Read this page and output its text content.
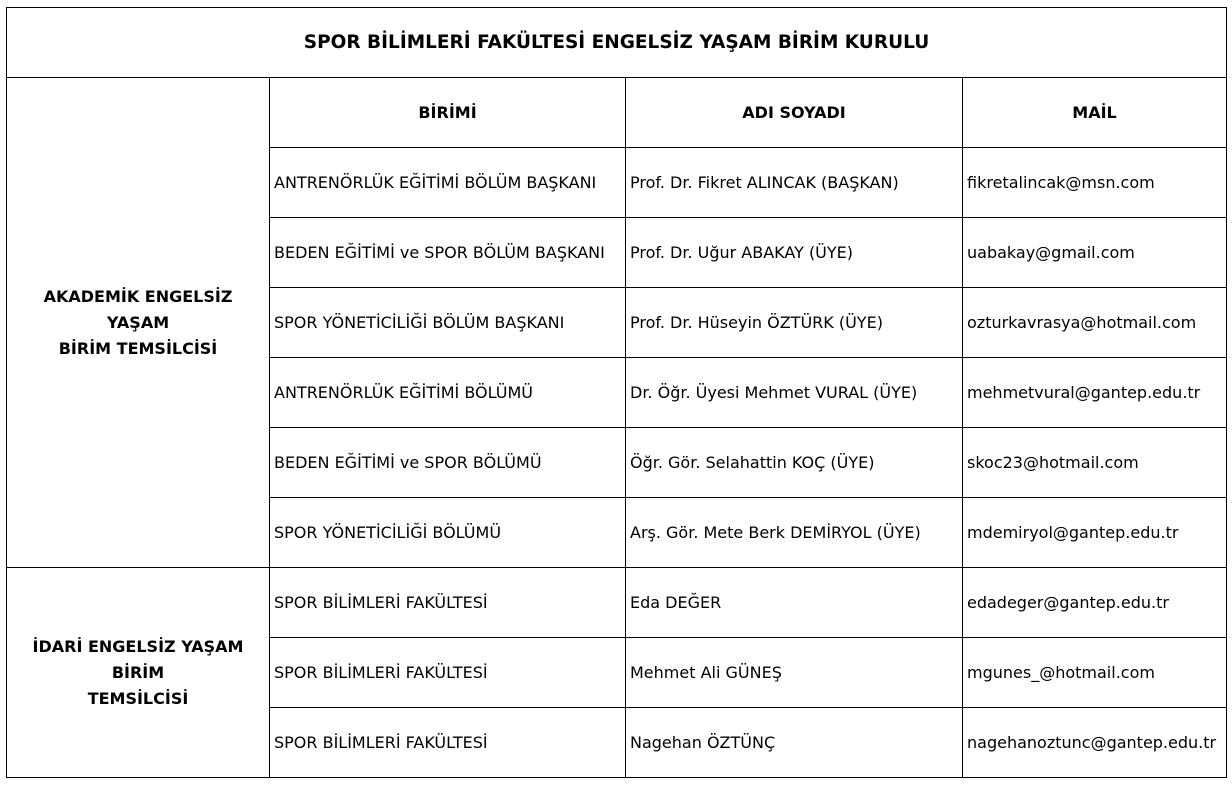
SPOR BİLİMLERİ FAKÜLTESİ ENGELSİZ YAŞAM BİRİM KURULU			
AKADEMİK ENGELSİZ YAŞAM
BİRİM TEMSİLCİSİ	BİRİMİ	ADI SOYADI	MAİL
	ANTRENÖRLÜK EĞİTİMİ BÖLÜM BAŞKANI	Prof. Dr. Fikret ALINCAK (BAŞKAN)	fikretalincak@msn.com
	BEDEN EĞİTİMİ ve SPOR BÖLÜM BAŞKANI	Prof. Dr. Uğur ABAKAY (ÜYE)	uabakay@gmail.com
	SPOR YÖNETİCİLİĞİ BÖLÜM BAŞKANI	Prof. Dr. Hüseyin ÖZTÜRK (ÜYE)	ozturkavrasya@hotmail.com
	ANTRENÖRLÜK EĞİTİMİ BÖLÜMÜ	Dr. Öğr. Üyesi Mehmet VURAL (ÜYE)	mehmetvural@gantep.edu.tr
	BEDEN EĞİTİMİ ve SPOR BÖLÜMÜ	Öğr. Gör. Selahattin KOÇ (ÜYE)	skoc23@hotmail.com
	SPOR YÖNETİCİLİĞİ BÖLÜMÜ	Arş. Gör. Mete Berk DEMİRYOL (ÜYE)	mdemiryol@gantep.edu.tr
İDARİ ENGELSİZ YAŞAM BİRİM
TEMSİLCİSİ	SPOR BİLİMLERİ FAKÜLTESİ	Eda DEĞER	edadeger@gantep.edu.tr
	SPOR BİLİMLERİ FAKÜLTESİ	Mehmet Ali GÜNEŞ	mgunes_@hotmail.com
	SPOR BİLİMLERİ FAKÜLTESİ	Nagehan ÖZTÜNÇ	nagehanoztunc@gantep.edu.tr
